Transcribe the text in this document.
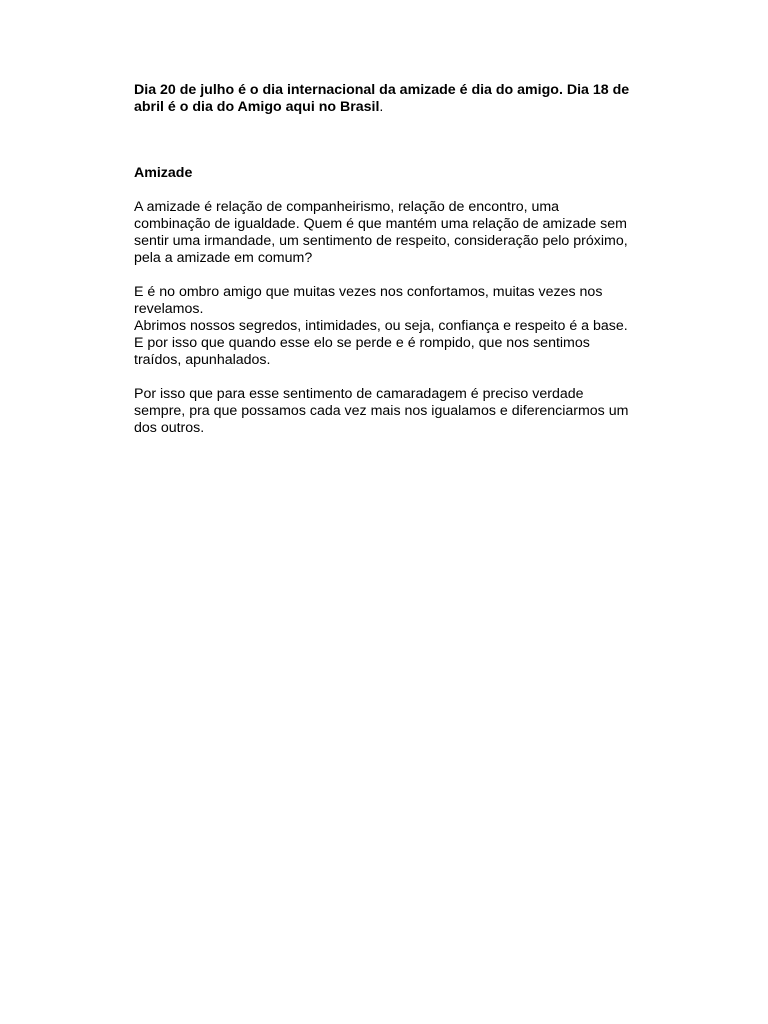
Dia 20 de julho é o dia internacional da amizade é dia do amigo. Dia 18 de abril é o dia do Amigo aqui no Brasil.

Amizade

A amizade é relação de companheirismo, relação de encontro, uma combinação de igualdade. Quem é que mantém uma relação de amizade sem sentir uma irmandade, um sentimento de respeito, consideração pelo próximo, pela a amizade em comum?

E é no ombro amigo que muitas vezes nos confortamos, muitas vezes nos revelamos.

Abrimos nossos segredos, intimidades, ou seja, confiança e respeito é a base.

E por isso que quando esse elo se perde e é rompido, que nos sentimos traídos, apunhalados.

Por isso que para esse sentimento de camaradagem é preciso verdade sempre, pra que possamos cada vez mais nos igualamos e diferenciarmos um dos outros.
